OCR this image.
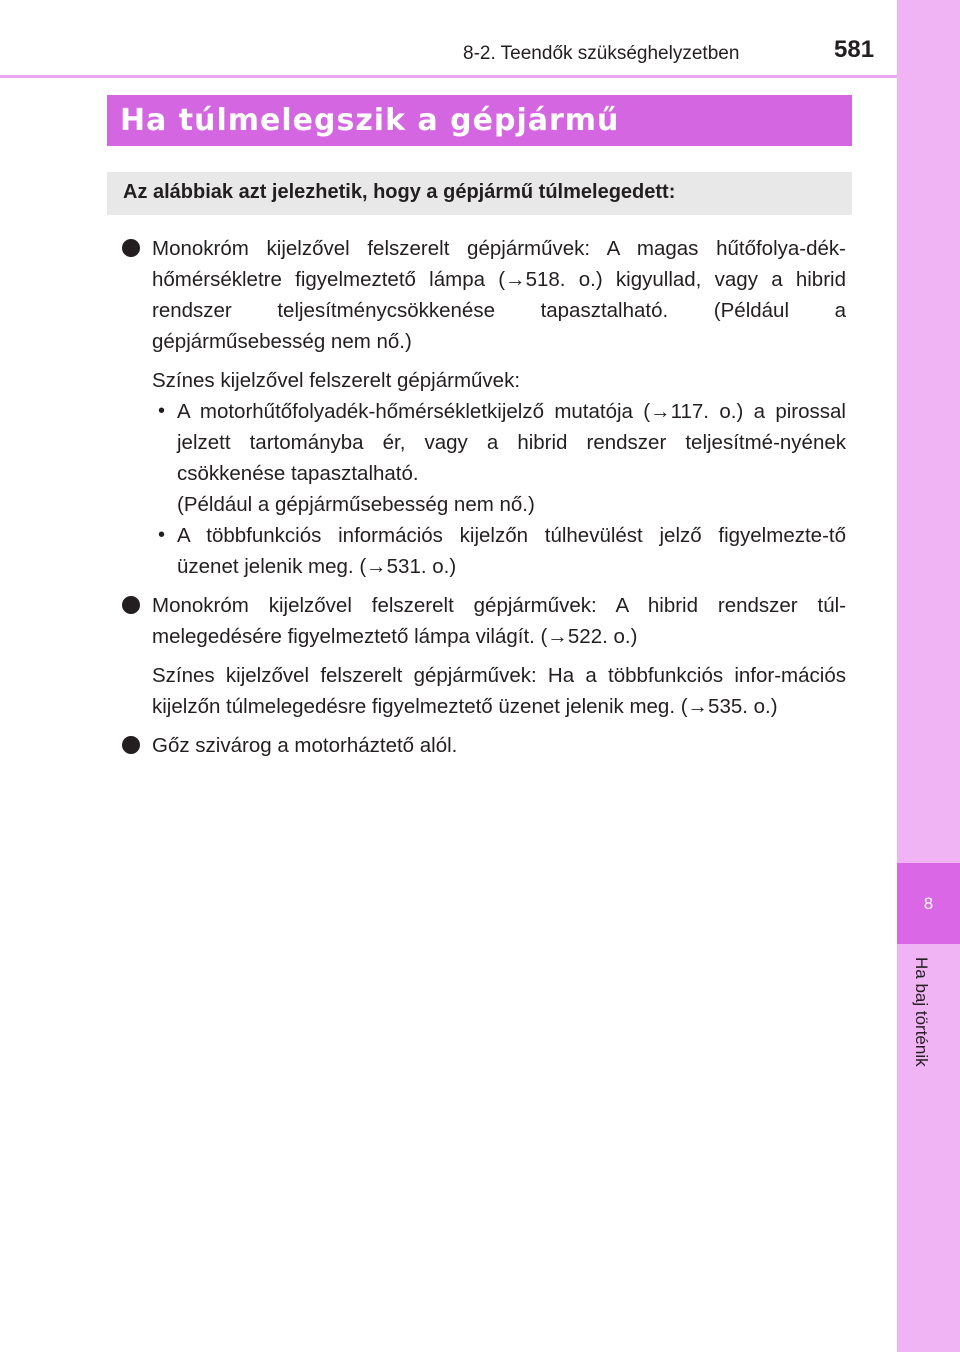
8-2. Teendők szükséghelyzetben	581
8
Ha baj történik
Ha túlmelegszik a gépjármű
Az alábbiak azt jelezhetik, hogy a gépjármű túlmelegedett:

Monokróm kijelzővel felszerelt gépjárművek: A magas hűtőfolya-dék-hőmérsékletre figyelmeztető lámpa (→518. o.) kigyullad, vagy a hibrid rendszer teljesítménycsökkenése tapasztalható. (Például a gépjárműsebesség nem nő.)

Színes kijelzővel felszerelt gépjárművek:

• A motorhűtőfolyadék-hőmérsékletkijelző mutatója (→117. o.) a pirossal jelzett tartományba ér, vagy a hibrid rendszer teljesítmé-nyének csökkenése tapasztalható.
(Például a gépjárműsebesség nem nő.)
• A többfunkciós információs kijelzőn túlhevülést jelző figyelmezte-tő üzenet jelenik meg. (→531. o.)

Monokróm kijelzővel felszerelt gépjárművek: A hibrid rendszer túl-melegedésére figyelmeztető lámpa világít. (→522. o.)

Színes kijelzővel felszerelt gépjárművek: Ha a többfunkciós infor-mációs kijelzőn túlmelegedésre figyelmeztető üzenet jelenik meg. (→535. o.)

Gőz szivárog a motorháztető alól.
